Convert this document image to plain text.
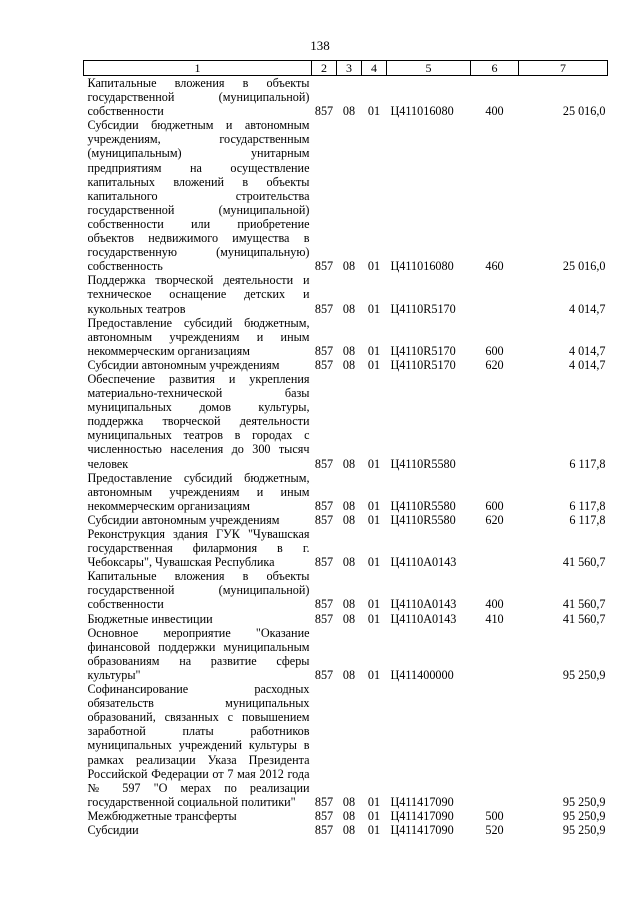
138
1	2	3	4	5	6	7
Капитальные вложения в объекты государственной (муниципальной) собственности	857	08	01	Ц411016080	400	25 016,0
Субсидии бюджетным и автономным учреждениям, государственным (муниципальным) унитарным предприятиям на осуществление капитальных вложений в объекты капитального строительства государственной (муниципальной) собственности или приобретение объектов недвижимого имущества в государственную (муниципальную) собственность	857	08	01	Ц411016080	460	25 016,0
Поддержка творческой деятельности и техническое оснащение детских и кукольных театров	857	08	01	Ц4110R5170		4 014,7
Предоставление субсидий бюджетным, автономным учреждениям и иным некоммерческим организациям	857	08	01	Ц4110R5170	600	4 014,7
Субсидии автономным учреждениям	857	08	01	Ц4110R5170	620	4 014,7
Обеспечение развития и укрепления материально-технической базы муниципальных домов культуры, поддержка творческой деятельности муниципальных театров в городах с численностью населения до 300 тысяч человек	857	08	01	Ц4110R5580		6 117,8
Предоставление субсидий бюджетным, автономным учреждениям и иным некоммерческим организациям	857	08	01	Ц4110R5580	600	6 117,8
Субсидии автономным учреждениям	857	08	01	Ц4110R5580	620	6 117,8
Реконструкция здания ГУК "Чувашская государственная филармония в г. Чебоксары", Чувашская Республика	857	08	01	Ц4110А0143		41 560,7
Капитальные вложения в объекты государственной (муниципальной) собственности	857	08	01	Ц4110А0143	400	41 560,7
Бюджетные инвестиции	857	08	01	Ц4110А0143	410	41 560,7
Основное мероприятие "Оказание финансовой поддержки муниципальным образованиям на развитие сферы культуры"	857	08	01	Ц411400000		95 250,9
Софинансирование расходных обязательств муниципальных образований, связанных с повышением заработной платы работников муниципальных учреждений культуры в рамках реализации Указа Президента Российской Федерации от 7 мая 2012 года № 597 "О мерах по реализации государственной социальной политики"	857	08	01	Ц411417090		95 250,9
Межбюджетные трансферты	857	08	01	Ц411417090	500	95 250,9
Субсидии	857	08	01	Ц411417090	520	95 250,9
